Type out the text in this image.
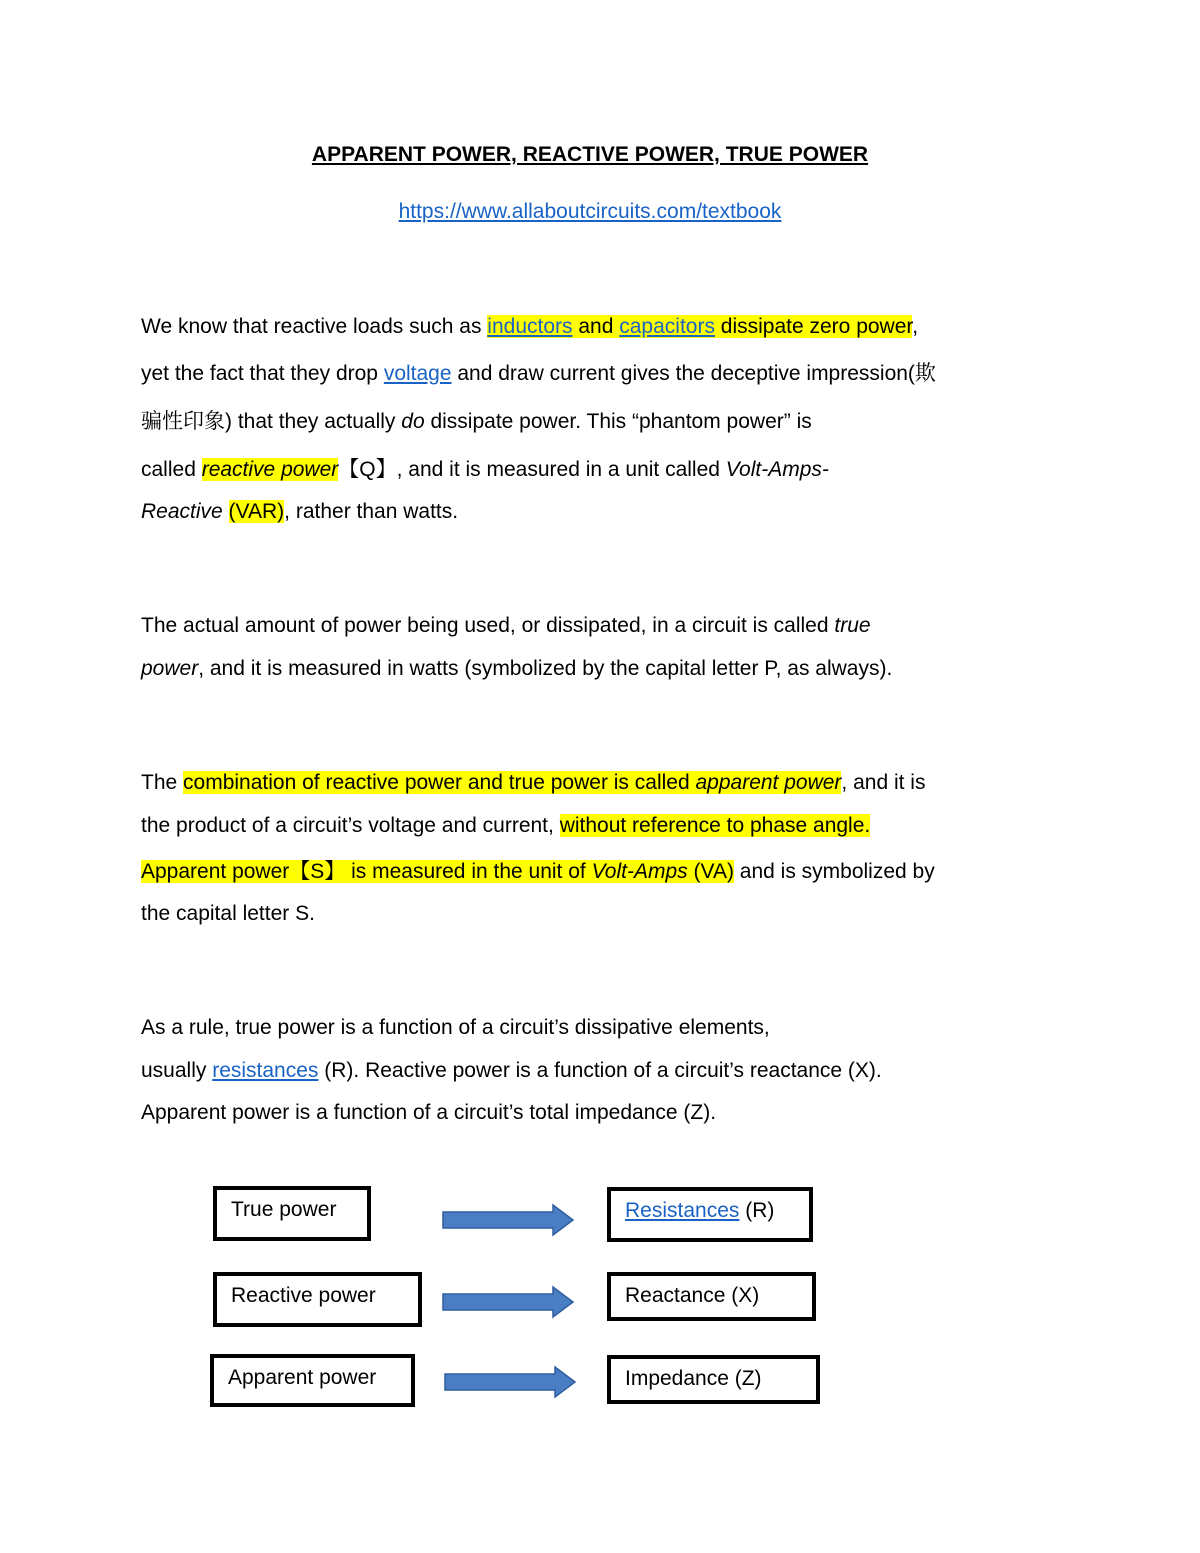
APPARENT POWER, REACTIVE POWER, TRUE POWER
https://www.allaboutcircuits.com/textbook
We know that reactive loads such as inductors and capacitors dissipate zero power,
yet the fact that they drop voltage and draw current gives the deceptive impression(欺
骗性印象) that they actually do dissipate power. This “phantom power” is
called reactive power【Q】, and it is measured in a unit called Volt-Amps-
Reactive (VAR), rather than watts.
The actual amount of power being used, or dissipated, in a circuit is called true
power, and it is measured in watts (symbolized by the capital letter P, as always).
The combination of reactive power and true power is called apparent power, and it is
the product of a circuit’s voltage and current, without reference to phase angle.
Apparent power【S】 is measured in the unit of Volt-Amps (VA) and is symbolized by
the capital letter S.
As a rule, true power is a function of a circuit’s dissipative elements,
usually resistances (R). Reactive power is a function of a circuit’s reactance (X).
Apparent power is a function of a circuit’s total impedance (Z).
True power	Resistances (R)
Reactive power	Reactance (X)
Apparent power	Impedance (Z)
